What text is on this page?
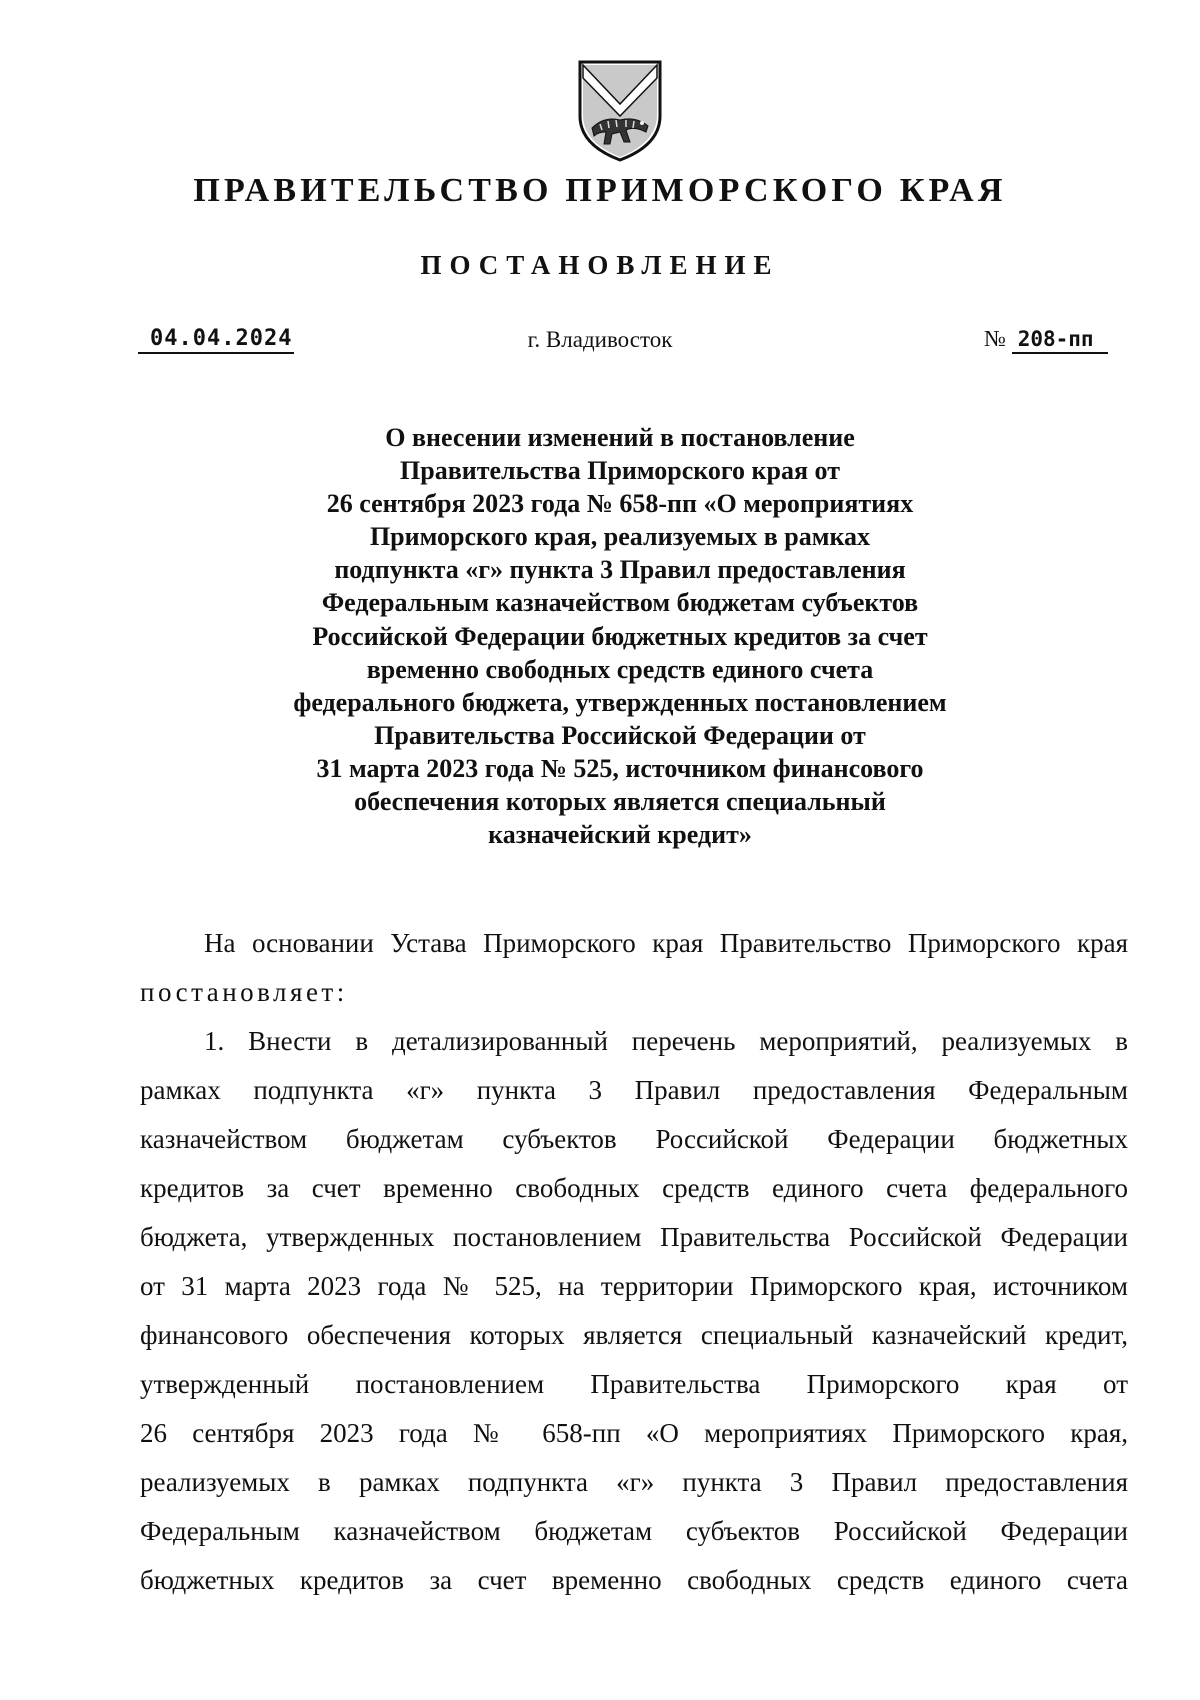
ПРАВИТЕЛЬСТВО ПРИМОРСКОГО КРАЯ
ПОСТАНОВЛЕНИЕ
04.04.2024	г. Владивосток	№ 208-пп
О внесении изменений в постановление
Правительства Приморского края от
26 сентября 2023 года № 658-пп «О мероприятиях
Приморского края, реализуемых в рамках
подпункта «г» пункта 3 Правил предоставления
Федеральным казначейством бюджетам субъектов
Российской Федерации бюджетных кредитов за счет
временно свободных средств единого счета
федерального бюджета, утвержденных постановлением
Правительства Российской Федерации от
31 марта 2023 года № 525, источником финансового
обеспечения которых является специальный
казначейский кредит»
На основании Устава Приморского края Правительство Приморского края
постановляет:
1. Внести в детализированный перечень мероприятий, реализуемых в
рамках подпункта «г» пункта 3 Правил предоставления Федеральным
казначейством бюджетам субъектов Российской Федерации бюджетных
кредитов за счет временно свободных средств единого счета федерального
бюджета, утвержденных постановлением Правительства Российской Федерации
от 31 марта 2023 года № 525, на территории Приморского края, источником
финансового обеспечения которых является специальный казначейский кредит,
утвержденный постановлением Правительства Приморского края от
26 сентября 2023 года № 658-пп «О мероприятиях Приморского края,
реализуемых в рамках подпункта «г» пункта 3 Правил предоставления
Федеральным казначейством бюджетам субъектов Российской Федерации
бюджетных кредитов за счет временно свободных средств единого счета
